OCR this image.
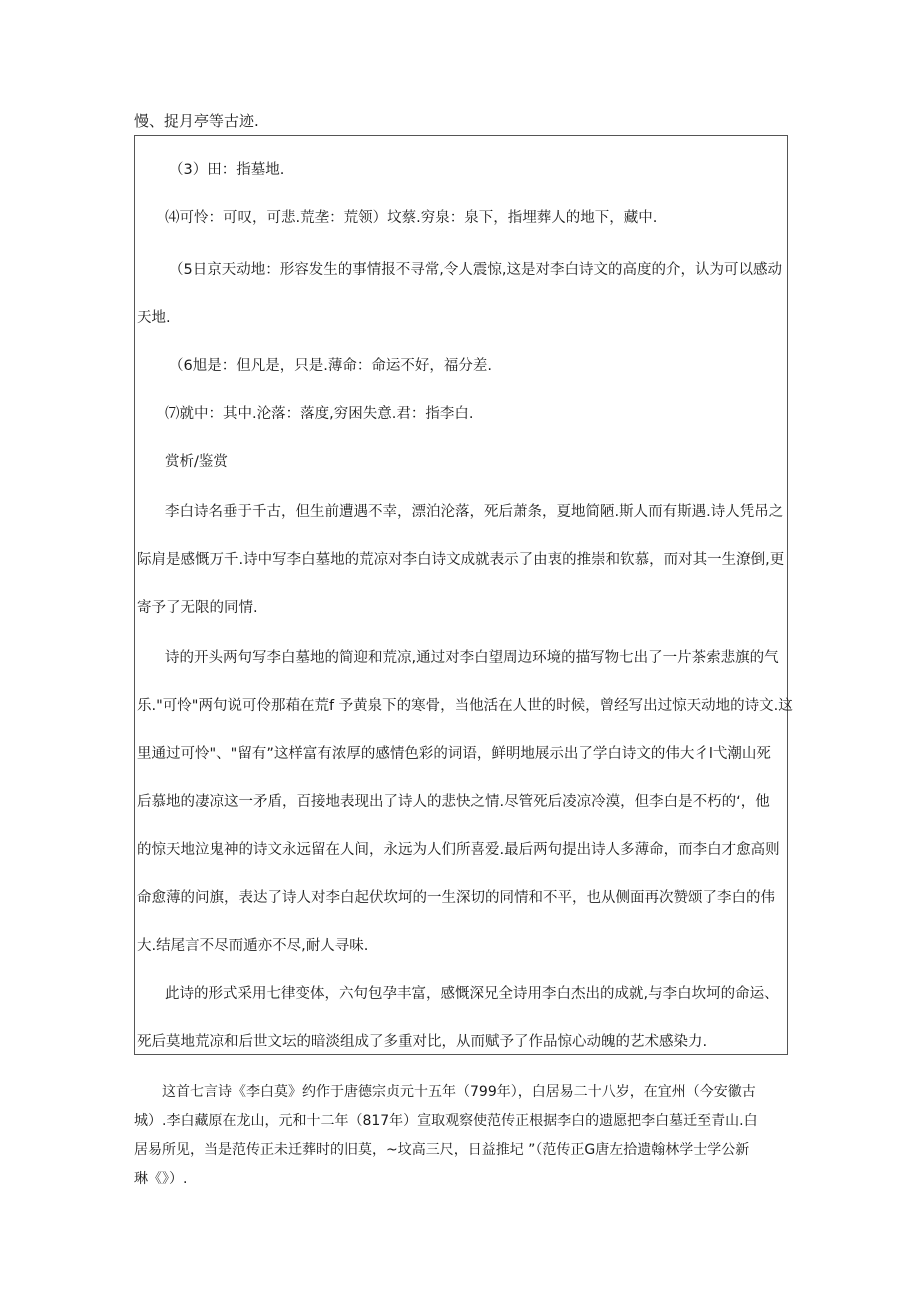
慢、捉月亭等古迹.
（3）田：指墓地.
⑷可怜：可叹，可悲.荒垄：荒领）坟蔡.穷泉：泉下，指埋葬人的地下，藏中.
（5日京天动地：形容发生的事情报不寻常,令人震惊,这是对李白诗文的高度的介，认为可以感动
天地.
（6旭是：但凡是，只是.薄命：命运不好，福分差.
⑺就中：其中.沦落：落度,穷困失意.君：指李白.
赏析/鉴赏
李白诗名垂于千古，但生前遭遇不幸，漂泊沦落，死后萧条，夏地简陋.斯人而有斯遇.诗人凭吊之
际肩是感慨万千.诗中写李白墓地的荒凉对李白诗文成就表示了由衷的推崇和钦慕，而对其一生潦倒,更
寄予了无限的同情.
诗的开头两句写李白墓地的简迎和荒凉,通过对李白望周边环境的描写物七出了一片茶索悲旗的气
乐."可怜"两句说可伶那葙在荒f 予黄泉下的寒骨，当他活在人世的时候，曾经写出过惊天动地的诗文.这
里通过可怜"、"留有”这样富有浓厚的感情色彩的词语，鲜明地展示出了学白诗文的伟大彳l弋潮山死
后慕地的凄凉这一矛盾，百接地表现出了诗人的悲快之情.尽管死后凌凉冷漠，但李白是不朽的‘，他
的惊天地泣鬼神的诗文永远留在人间，永远为人们所喜爱.最后两句提出诗人多薄命，而李白才愈高则
命愈薄的问旗，表达了诗人对李白起伏坎坷的一生深切的同情和不平，也从侧面再次赞颂了李白的伟
大.结尾言不尽而遁亦不尽,耐人寻味.
此诗的形式采用七律变体，六句包孕丰富，感慨深兄全诗用李白杰出的成就,与李白坎坷的命运、
死后莫地荒凉和后世文坛的暗淡组成了多重对比，从而赋予了作品惊心动魄的艺术感染力.
这首七言诗《李白莫》约作于唐德宗贞元十五年（799年），白居易二十八岁，在宜州（今安徽古
城）.李白藏原在龙山，元和十二年（817年）宣取观察使范传正根据李白的遗愿把李白墓迁至青山.白
居易所见，当是范传正未迁葬时的旧莫，~坟高三尺，日益推圮 ”（范传正G唐左拾遗翰林学士学公新
琳《》）.
